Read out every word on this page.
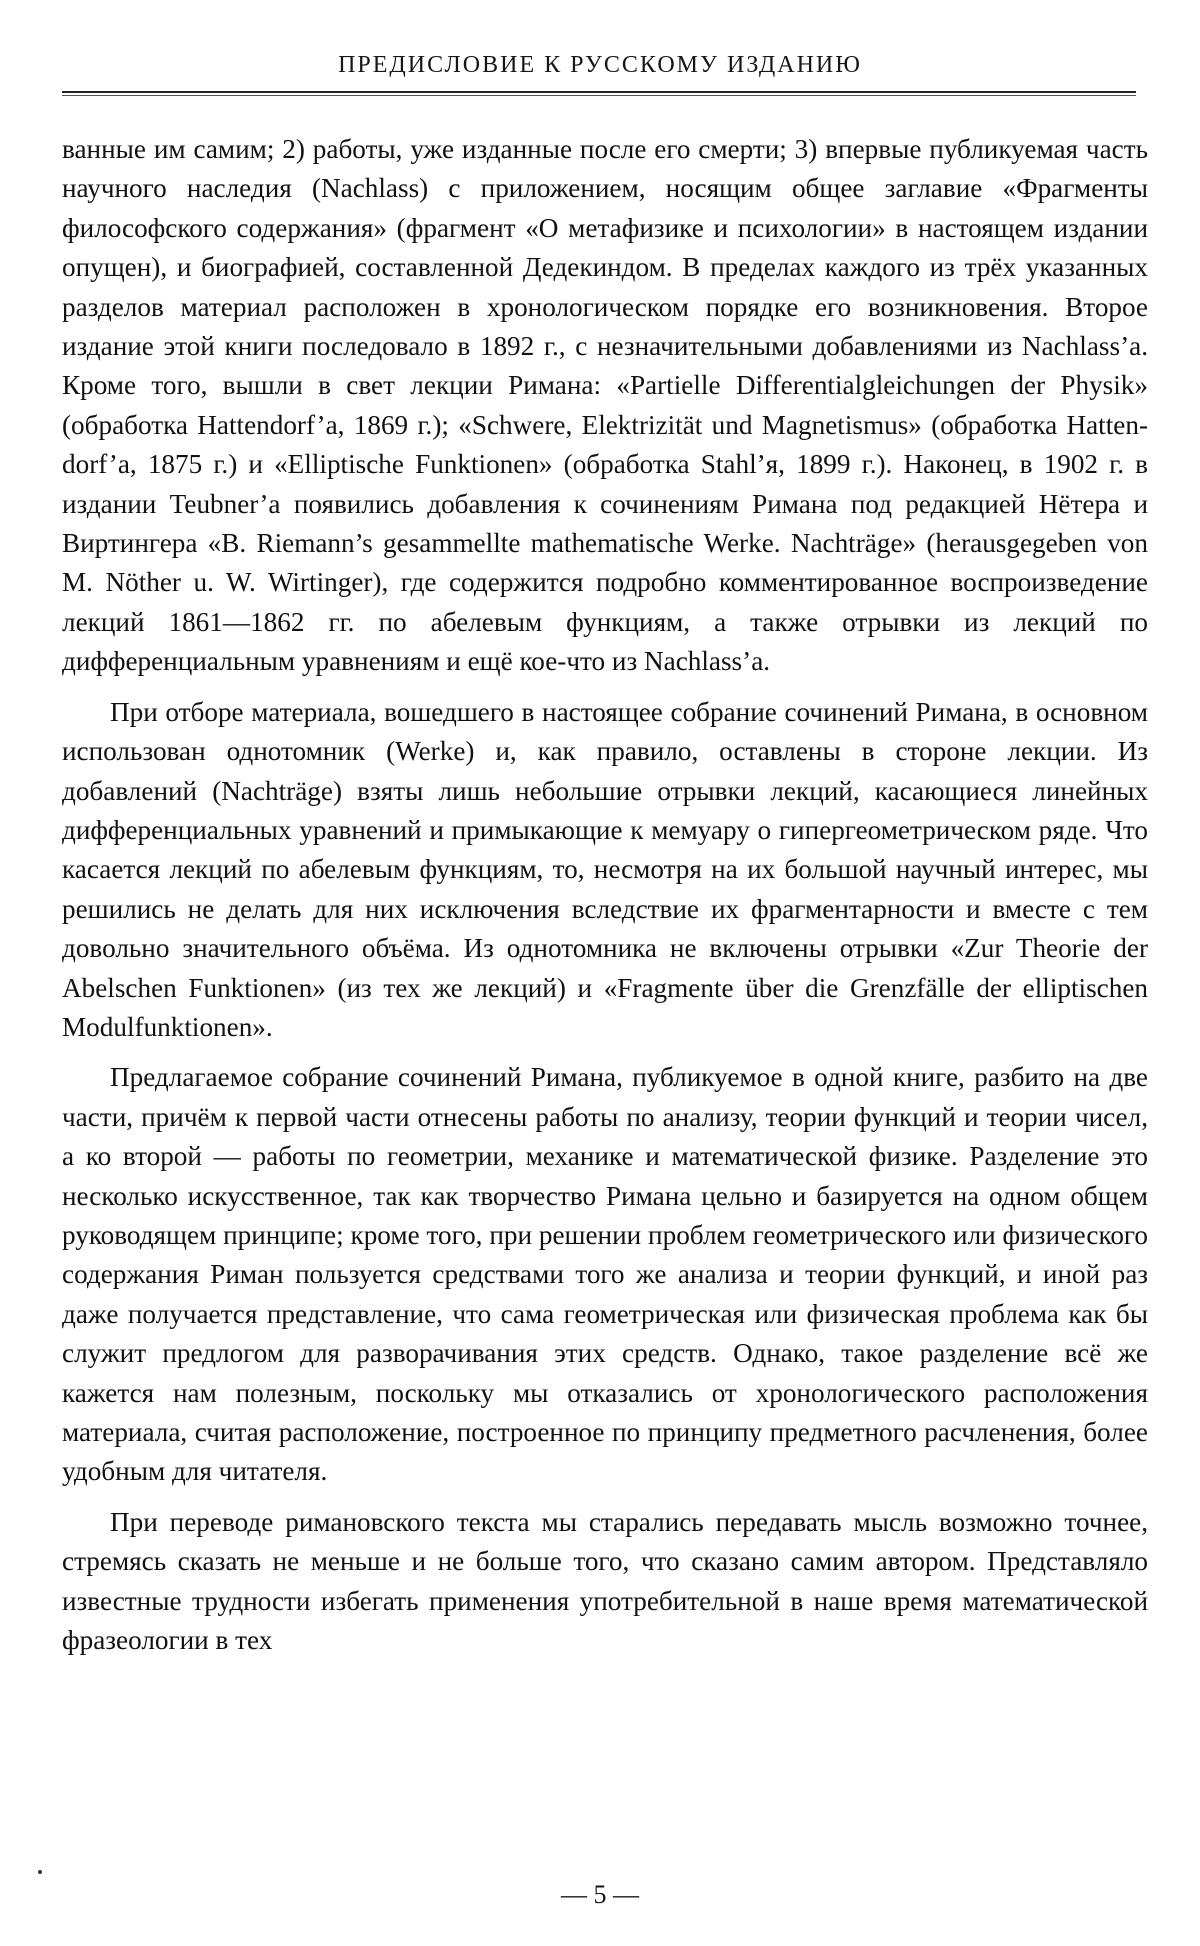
ПРЕДИСЛОВИЕ К РУССКОМУ ИЗДАНИЮ

ванные им самим; 2) работы, уже изданные после его смерти; 3) впервые публикуемая часть научного наследия (Nachlass) с приложением, носящим общее заглавие «Фрагменты философского содержания» (фрагмент «О метафизике и психологии» в настоящем издании опущен), и биографией, составленной Дедекиндом. В пределах каждого из трёх указанных разделов материал расположен в хронологическом порядке его возникновения. Второе издание этой книги последовало в 1892 г., с незначительными добавлениями из Nachlass’а. Кроме того, вышли в свет лекции Римана: «Partielle Differentialgleichungen der Physik» (обработка Hattendorf’a, 1869 г.); «Schwere, Elektrizität und Magnetismus» (обработка Hattendorf’a, 1875 г.) и «Elliptische Funktionen» (обработка Stahl’я, 1899 г.). Наконец, в 1902 г. в издании Teubner’а появились добавления к сочинениям Римана под редакцией Нётера и Виртингера «B. Riemann’s gesammellte mathematische Werke. Nachträge» (herausgegeben von M. Nöther u. W. Wirtinger), где содержится подробно комментированное воспроизведение лекций 1861—1862 гг. по абелевым функциям, а также отрывки из лекций по дифференциальным уравнениям и ещё кое-что из Nachlass’а.

При отборе материала, вошедшего в настоящее собрание сочинений Римана, в основном использован однотомник (Werke) и, как правило, оставлены в стороне лекции. Из добавлений (Nachträge) взяты лишь небольшие отрывки лекций, касающиеся линейных дифференциальных уравнений и примыкающие к мемуару о гипергеометрическом ряде. Что касается лекций по абелевым функциям, то, несмотря на их большой научный интерес, мы решились не делать для них исключения вследствие их фрагментарности и вместе с тем довольно значительного объёма. Из однотомника не включены отрывки «Zur Theorie der Abelschen Funktionen» (из тех же лекций) и «Fragmente über die Grenzfälle der elliptischen Modulfunktionen».

Предлагаемое собрание сочинений Римана, публикуемое в одной книге, разбито на две части, причём к первой части отнесены работы по анализу, теории функций и теории чисел, а ко второй — работы по геометрии, механике и математической физике. Разделение это несколько искусственное, так как творчество Римана цельно и базируется на одном общем руководящем принципе; кроме того, при решении проблем геометрического или физического содержания Риман пользуется средствами того же анализа и теории функций, и иной раз даже получается представление, что сама геометрическая или физическая проблема как бы служит предлогом для разворачивания этих средств. Однако, такое разделение всё же кажется нам полезным, поскольку мы отказались от хронологического расположения материала, считая расположение, построенное по принципу предметного расчленения, более удобным для читателя.

При переводе римановского текста мы старались передавать мысль возможно точнее, стремясь сказать не меньше и не больше того, что сказано самим автором. Представляло известные трудности избегать применения употребительной в наше время математической фразеологии в тех

— 5 —
